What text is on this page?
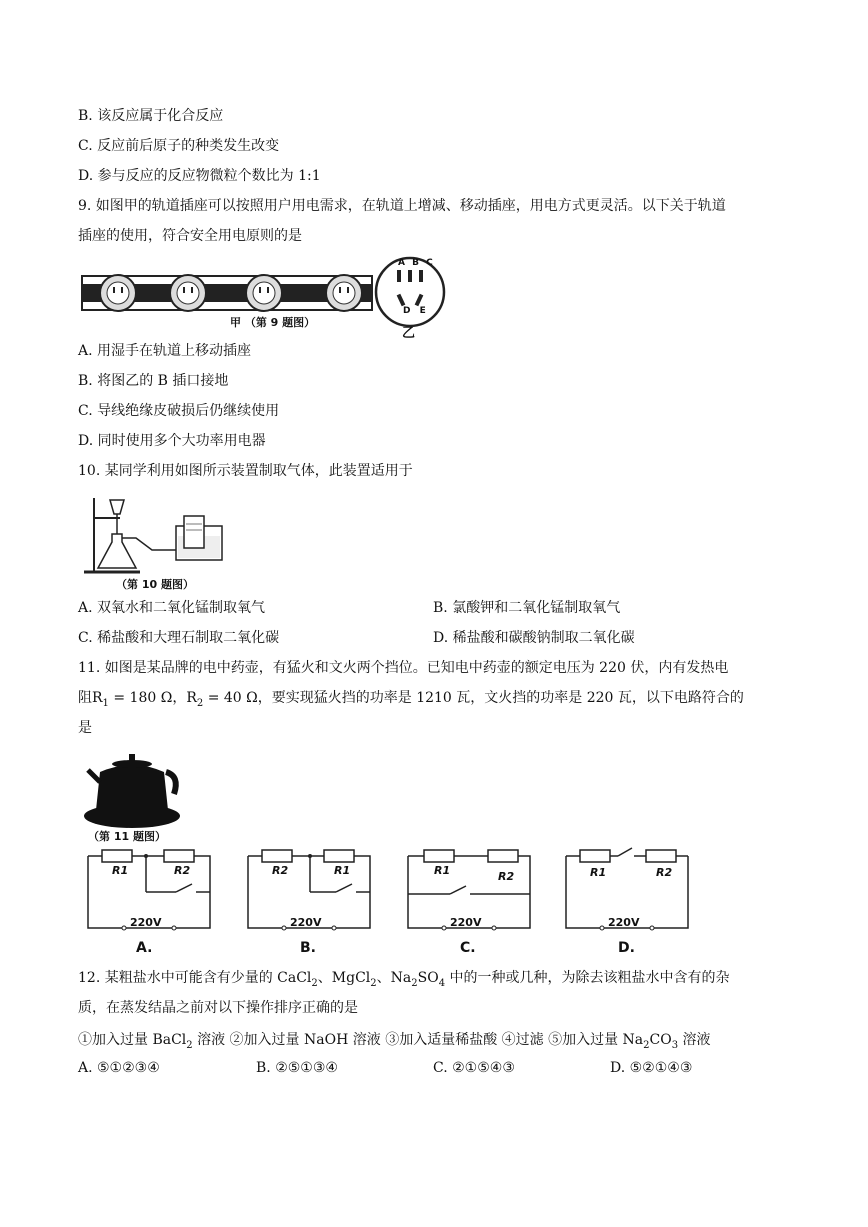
B. 该反应属于化合反应
C. 反应前后原子的种类发生改变
D. 参与反应的反应物微粒个数比为 1:1
9. 如图甲的轨道插座可以按照用户用电需求，在轨道上增减、移动插座，用电方式更灵活。以下关于轨道
插座的使用，符合安全用电原则的是
A B C
D E
甲 （第 9 题图）
乙
A. 用湿手在轨道上移动插座
B. 将图乙的 B 插口接地
C. 导线绝缘皮破损后仍继续使用
D. 同时使用多个大功率用电器
10. 某同学利用如图所示装置制取气体，此装置适用于
（第 10 题图）
A. 双氧水和二氧化锰制取氧气	B. 氯酸钾和二氧化锰制取氧气
C. 稀盐酸和大理石制取二氧化碳	D. 稀盐酸和碳酸钠制取二氧化碳
11. 如图是某品牌的电中药壶，有猛火和文火两个挡位。已知电中药壶的额定电压为 220 伏，内有发热电
阻$R_1 = 180$ Ω，$R_2 = 40$ Ω，要实现猛火挡的功率是 1210 瓦，文火挡的功率是 220 瓦，以下电路符合的
是
（第 11 题图）
R1	R2	R2	R1	R1	R2	R1	R2
220V	220V	220V	220V
A.	B.	C.	D.
12. 某粗盐水中可能含有少量的 CaCl$_2$、MgCl$_2$、$Na_2SO_4$ 中的一种或几种，为除去该粗盐水中含有的杂
质，在蒸发结晶之前对以下操作排序正确的是
①加入过量 BaCl$_2$ 溶液 ②加入过量 NaOH 溶液 ③加入适量稀盐酸 ④过滤 ⑤加入过量 $Na_2CO_3$ 溶液
A. ⑤①②③④	B. ②⑤①③④	C. ②①⑤④③	D. ⑤②①④③
